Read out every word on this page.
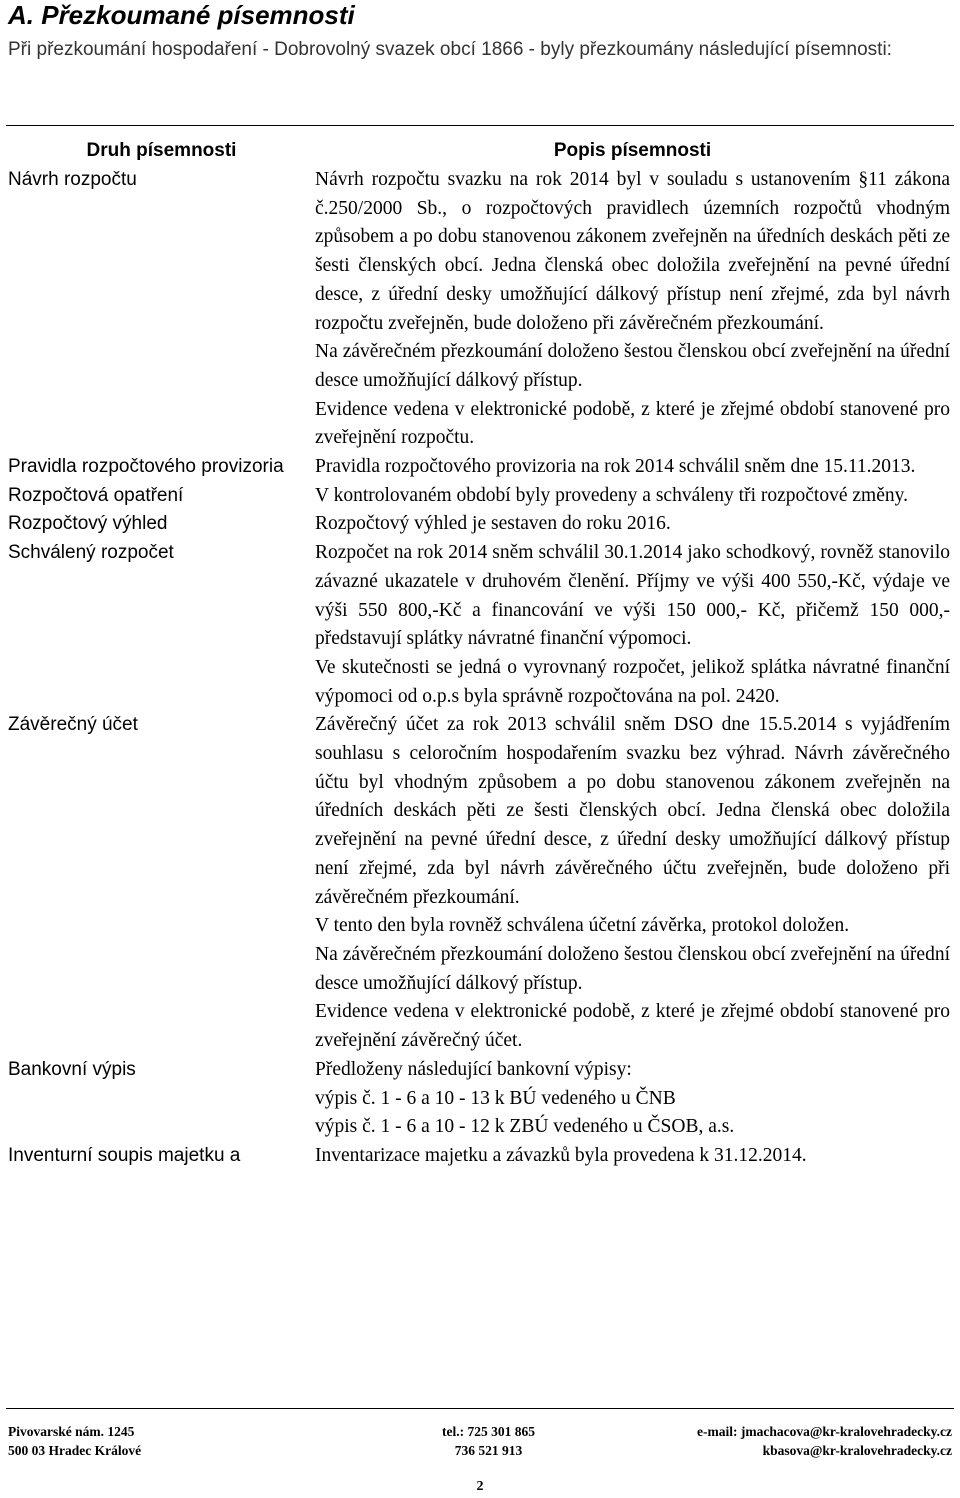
A. Přezkoumané písemnosti

Při přezkoumání hospodaření - Dobrovolný svazek obcí 1866 - byly přezkoumány následující písemnosti:

Druh písemnosti	Popis písemnosti
Návrh rozpočtu	Návrh rozpočtu svazku na rok 2014 byl v souladu s ustanovením §11 zákona č.250/2000 Sb., o rozpočtových pravidlech územních rozpočtů vhodným způsobem a po dobu stanovenou zákonem zveřejněn na úředních deskách pěti ze šesti členských obcí. Jedna členská obec doložila zveřejnění na pevné úřední desce, z úřední desky umožňující dálkový přístup není zřejmé, zda byl návrh rozpočtu zveřejněn, bude doloženo při závěrečném přezkoumání.

Na závěrečném přezkoumání doloženo šestou členskou obcí zveřejnění na úřední desce umožňující dálkový přístup.

Evidence vedena v elektronické podobě, z které je zřejmé období stanovené pro zveřejnění rozpočtu.

Pravidla rozpočtového provizoria	Pravidla rozpočtového provizoria na rok 2014 schválil sněm dne 15.11.2013.

Rozpočtová opatření	V kontrolovaném období byly provedeny a schváleny tři rozpočtové změny.

Rozpočtový výhled	Rozpočtový výhled je sestaven do roku 2016.

Schválený rozpočet	Rozpočet na rok 2014 sněm schválil 30.1.2014 jako schodkový, rovněž stanovilo závazné ukazatele v druhovém členění. Příjmy ve výši 400 550,-Kč, výdaje ve výši 550 800,-Kč a financování ve výši 150 000,- Kč, přičemž 150 000,- představují splátky návratné finanční výpomoci.

Ve skutečnosti se jedná o vyrovnaný rozpočet, jelikož splátka návratné finanční výpomoci od o.p.s byla správně rozpočtována na pol. 2420.

Závěrečný účet	Závěrečný účet za rok 2013 schválil sněm DSO dne 15.5.2014 s vyjádřením souhlasu s celoročním hospodařením svazku bez výhrad. Návrh závěrečného účtu byl vhodným způsobem a po dobu stanovenou zákonem zveřejněn na úředních deskách pěti ze šesti členských obcí. Jedna členská obec doložila zveřejnění na pevné úřední desce, z úřední desky umožňující dálkový přístup není zřejmé, zda byl návrh závěrečného účtu zveřejněn, bude doloženo při závěrečném přezkoumání.

V tento den byla rovněž schválena účetní závěrka, protokol doložen.

Na závěrečném přezkoumání doloženo šestou členskou obcí zveřejnění na úřední desce umožňující dálkový přístup.

Evidence vedena v elektronické podobě, z které je zřejmé období stanovené pro zveřejnění závěrečný účet.

Bankovní výpis	Předloženy následující bankovní výpisy:

výpis č. 1 - 6 a 10 - 13 k BÚ vedeného u ČNB

výpis č. 1 - 6 a 10 - 12 k ZBÚ vedeného u ČSOB, a.s.

Inventurní soupis majetku a	Inventarizace majetku a závazků byla provedena k 31.12.2014.

Pivovarské nám. 1245
500 03 Hradec Králové
tel.: 725 301 865
736 521 913
e-mail: jmachacova@kr-kralovehradecky.cz
kbasova@kr-kralovehradecky.cz
2
